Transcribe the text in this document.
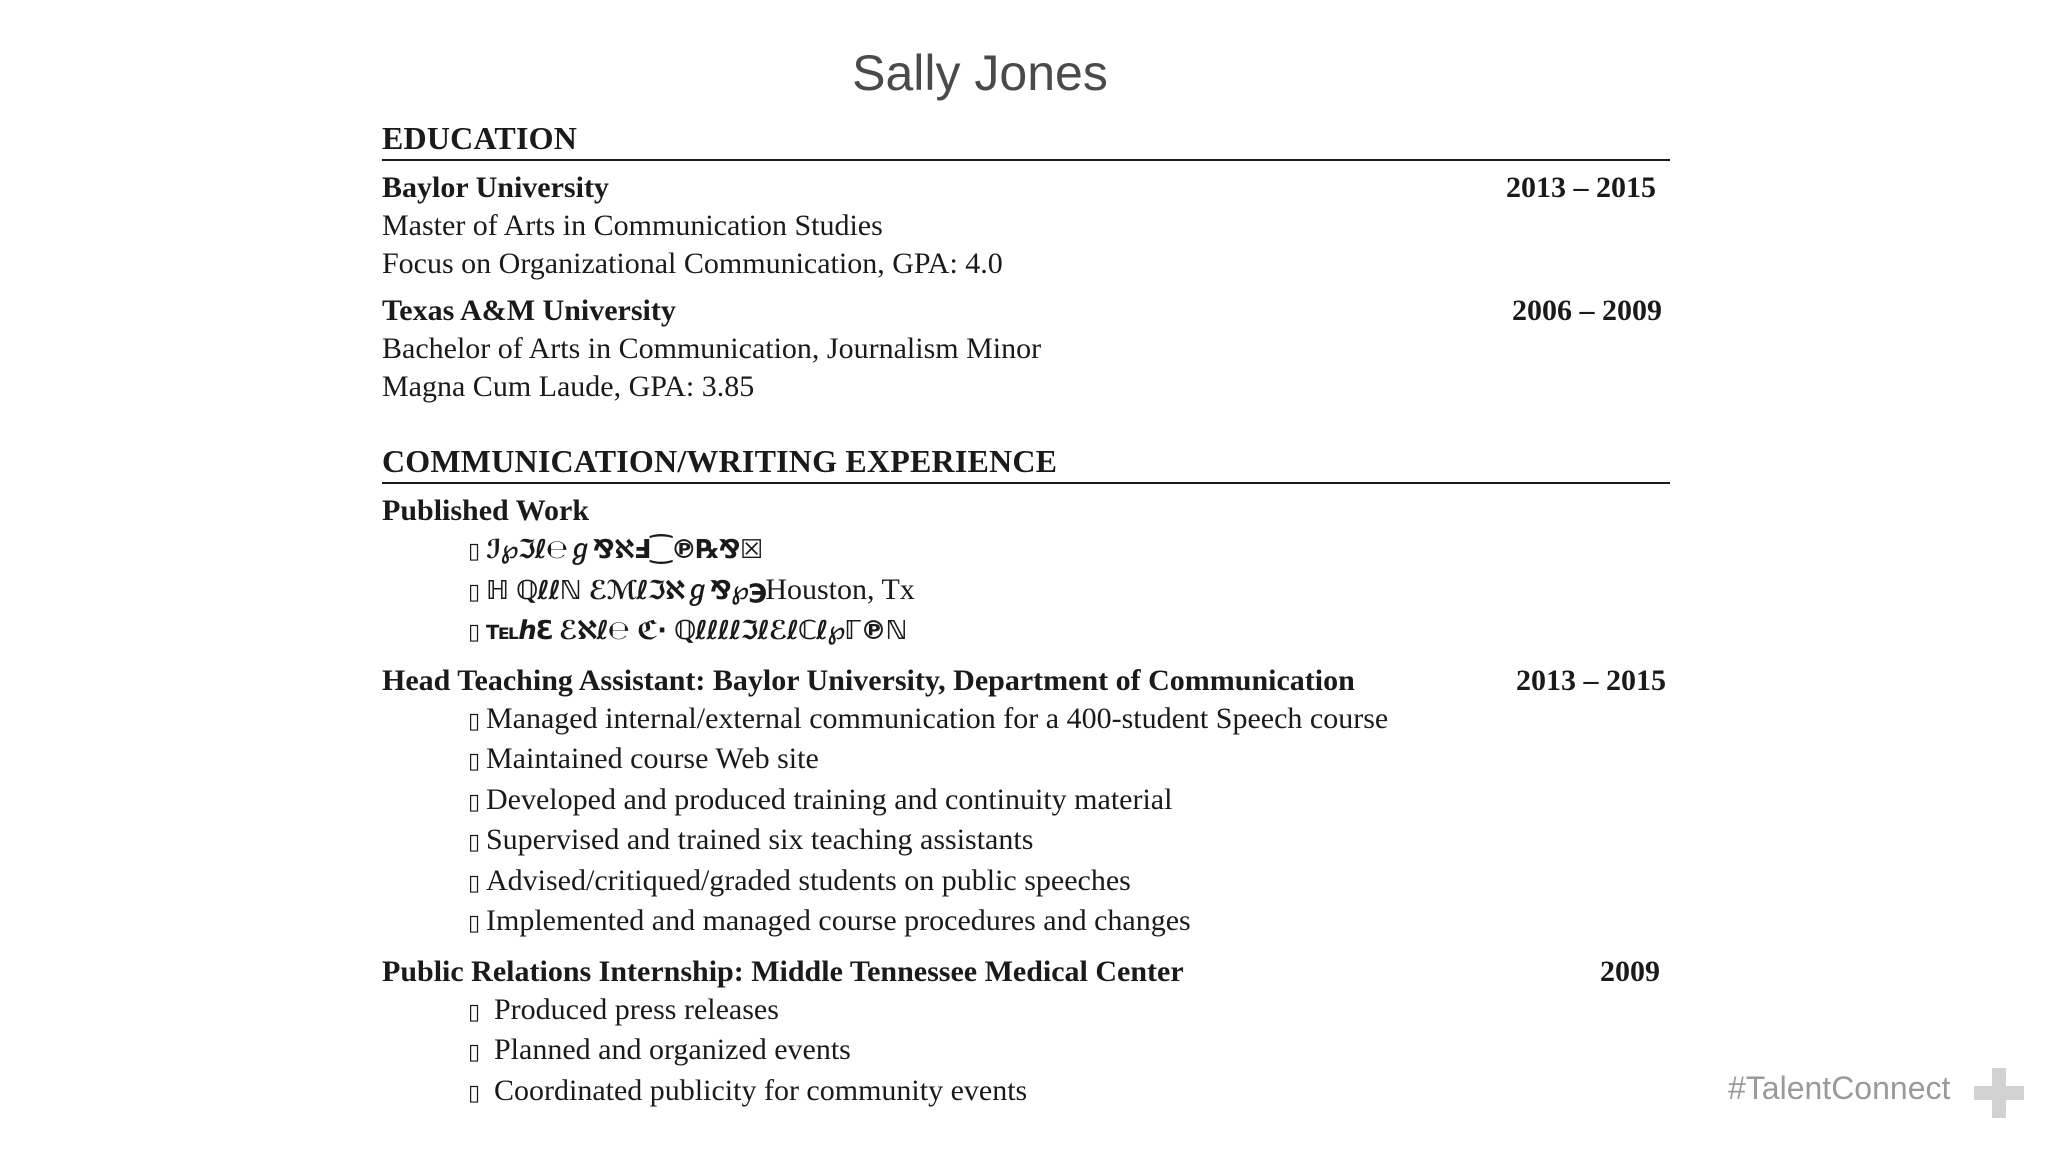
Sally Jones
EDUCATION
Baylor University	2013 – 2015
Master of Arts in Communication Studies
Focus on Organizational Communication, GPA: 4.0
Texas A&M University	2006 – 2009
Bachelor of Arts in Communication, Journalism Minor
Magna Cum Laude, GPA: 3.85
COMMUNICATION/WRITING EXPERIENCE
Published Work
▯ ℐ℘ℑℓ℮ℊ⅋ℵℲ⁐℗℞⅋☒
▯ ℍ ℚℓℓℕ ℰℳℓℑℵℊ⅋℘℈Houston, Tx
▯ ℡ℎℇ ℰℵℓ℮ ℭ⋅ ℚℓℓℓℓℑℓℰℓℂℓ℘ℾ℗ℕ
Head Teaching Assistant: Baylor University, Department of Communication	2013 – 2015
▯ Managed internal/external communication for a 400-student Speech course
▯ Maintained course Web site
▯ Developed and produced training and continuity material
▯ Supervised and trained six teaching assistants
▯ Advised/critiqued/graded students on public speeches
▯ Implemented and managed course procedures and changes
Public Relations Internship: Middle Tennessee Medical Center	2009
▯ Produced press releases
▯ Planned and organized events
▯ Coordinated publicity for community events	#TalentConnect
